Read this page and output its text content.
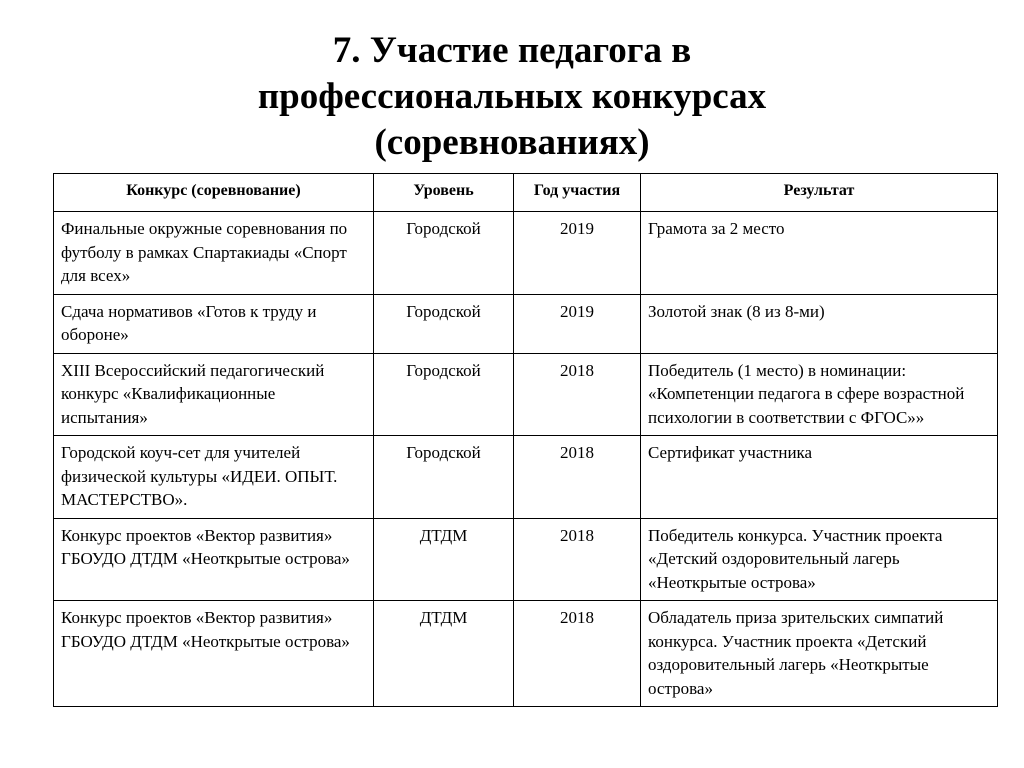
7. Участие педагога в
профессиональных конкурсах
(соревнованиях)
Конкурс (соревнование)	Уровень	Год участия	Результат
Финальные окружные соревнования по футболу в рамках Спартакиады «Спорт для всех»	Городской	2019	Грамота за 2 место
Сдача нормативов «Готов к труду и обороне»	Городской	2019	Золотой знак (8 из 8-ми)
XIII Всероссийский педагогический конкурс «Квалификационные испытания»	Городской	2018	Победитель (1 место) в номинации: «Компетенции педагога в сфере возрастной психологии в соответствии с ФГОС»»
Городской коуч-сет для учителей физической культуры «ИДЕИ. ОПЫТ. МАСТЕРСТВО».	Городской	2018	Сертификат участника
Конкурс проектов «Вектор развития» ГБОУДО ДТДМ «Неоткрытые острова»	ДТДМ	2018	Победитель конкурса. Участник проекта «Детский оздоровительный лагерь «Неоткрытые острова»
Конкурс проектов «Вектор развития» ГБОУДО ДТДМ «Неоткрытые острова»	ДТДМ	2018	Обладатель приза зрительских симпатий конкурса. Участник проекта «Детский оздоровительный лагерь «Неоткрытые острова»
